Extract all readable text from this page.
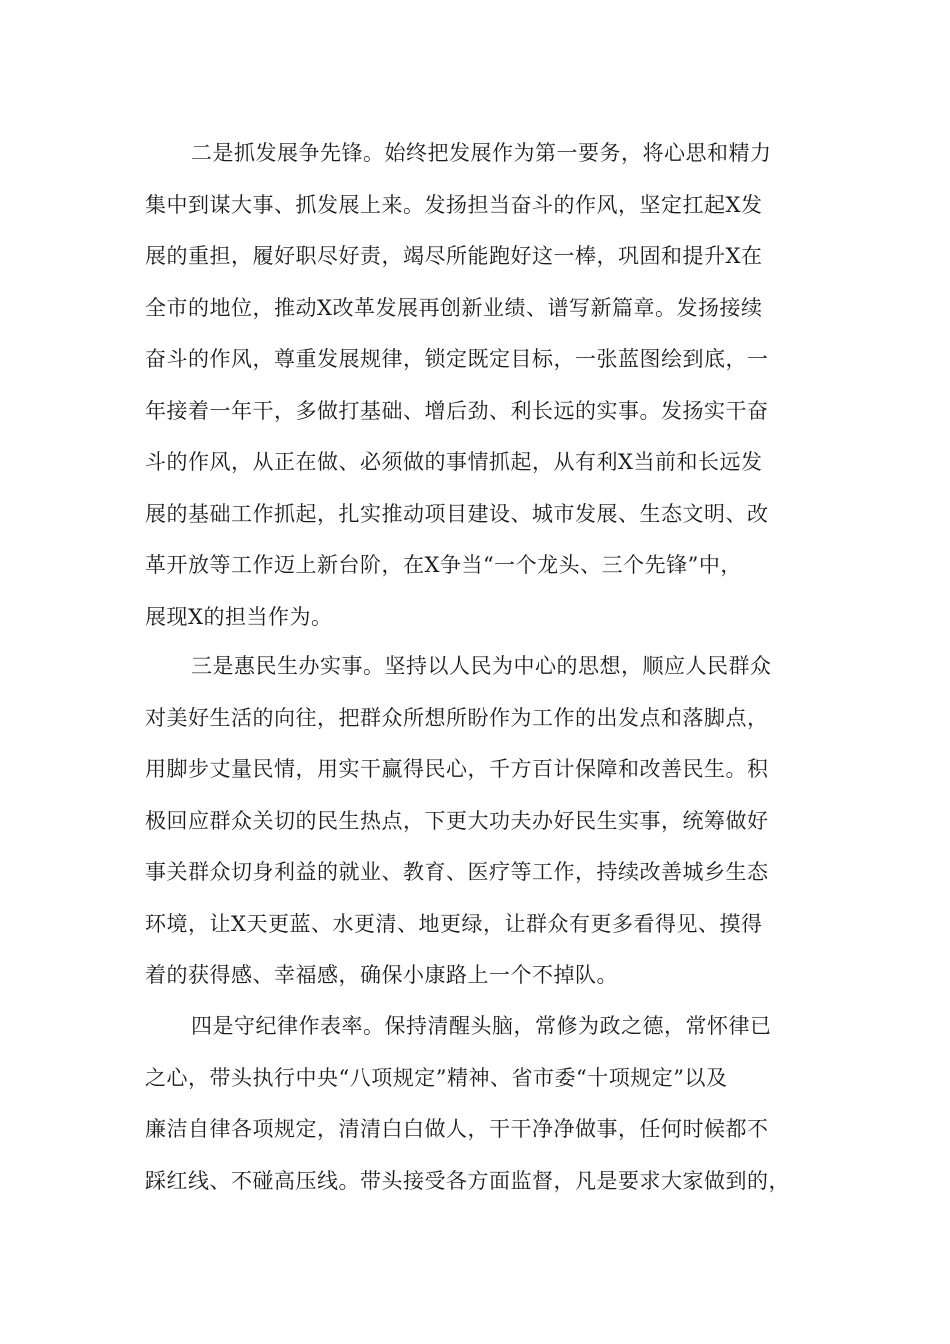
二是抓发展争先锋。始终把发展作为第一要务，将心思和精力
集中到谋大事、抓发展上来。发扬担当奋斗的作风，坚定扛起X发
展的重担，履好职尽好责，竭尽所能跑好这一棒，巩固和提升X在
全市的地位，推动X改革发展再创新业绩、谱写新篇章。发扬接续
奋斗的作风，尊重发展规律，锁定既定目标，一张蓝图绘到底，一
年接着一年干，多做打基础、增后劲、利长远的实事。发扬实干奋
斗的作风，从正在做、必须做的事情抓起，从有利X当前和长远发
展的基础工作抓起，扎实推动项目建设、城市发展、生态文明、改
革开放等工作迈上新台阶，在X争当“一个龙头、三个先锋”中，
展现X的担当作为。
三是惠民生办实事。坚持以人民为中心的思想，顺应人民群众
对美好生活的向往，把群众所想所盼作为工作的出发点和落脚点，
用脚步丈量民情，用实干赢得民心，千方百计保障和改善民生。积
极回应群众关切的民生热点，下更大功夫办好民生实事，统筹做好
事关群众切身利益的就业、教育、医疗等工作，持续改善城乡生态
环境，让X天更蓝、水更清、地更绿，让群众有更多看得见、摸得
着的获得感、幸福感，确保小康路上一个不掉队。
四是守纪律作表率。保持清醒头脑，常修为政之德，常怀律已
之心，带头执行中央“八项规定”精神、省市委“十项规定”以及
廉洁自律各项规定，清清白白做人，干干净净做事，任何时候都不
踩红线、不碰高压线。带头接受各方面监督，凡是要求大家做到的，
